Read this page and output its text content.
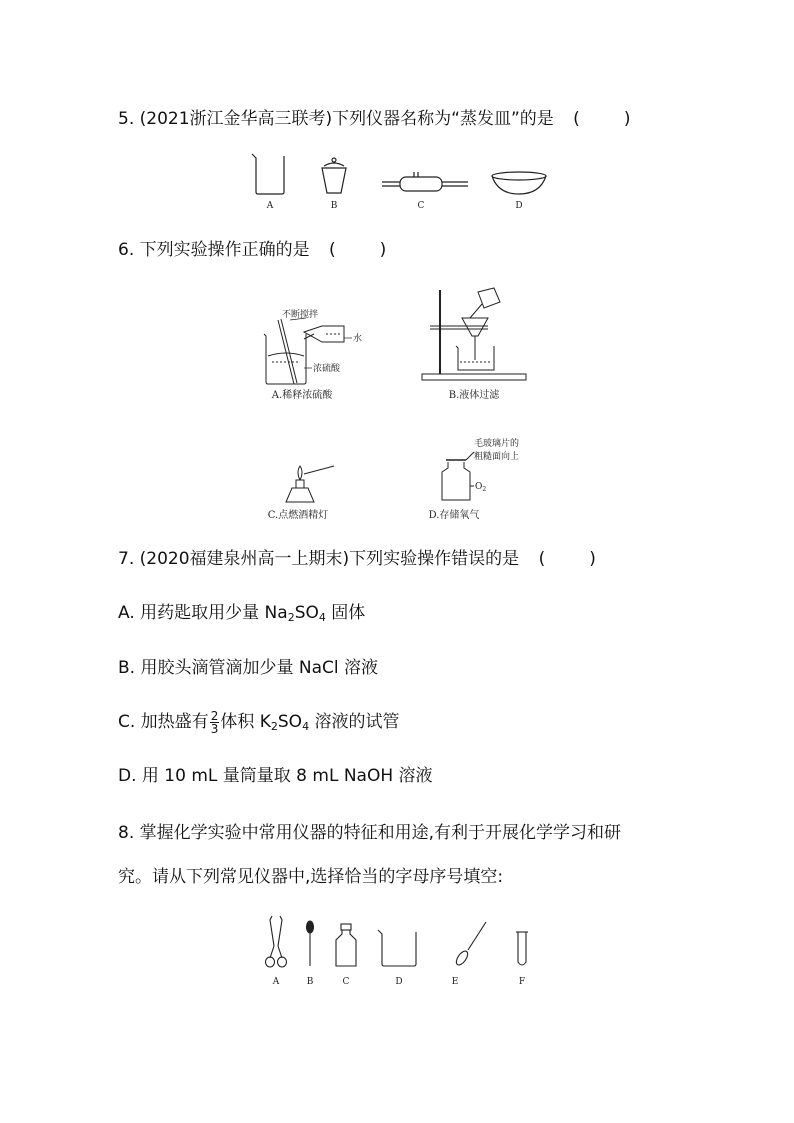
5. (2021浙江金华高三联考)下列仪器名称为“蒸发皿”的是 (	)
A	B	C	D
6. 下列实验操作正确的是 (	)
不断搅拌
水
浓硫酸
A.稀释浓硫酸	B.液体过滤
C.点燃酒精灯
毛玻璃片的
粗糙面向上
$O_2$
D.存储氧气
7. (2020福建泉州高一上期末)下列实验操作错误的是 (	)
A. 用药匙取用少量 $Na_2SO_4$ 固体
B. 用胶头滴管滴加少量 NaCl 溶液
C. 加热盛有 $\frac{2}{3}$ 体积 $K_2SO_4$ 溶液的试管
D. 用 10 mL 量筒量取 8 mL NaOH 溶液
8. 掌握化学实验中常用仪器的特征和用途,有利于开展化学学习和研
究。请从下列常见仪器中,选择恰当的字母序号填空:
A	B	C	D	E	F
